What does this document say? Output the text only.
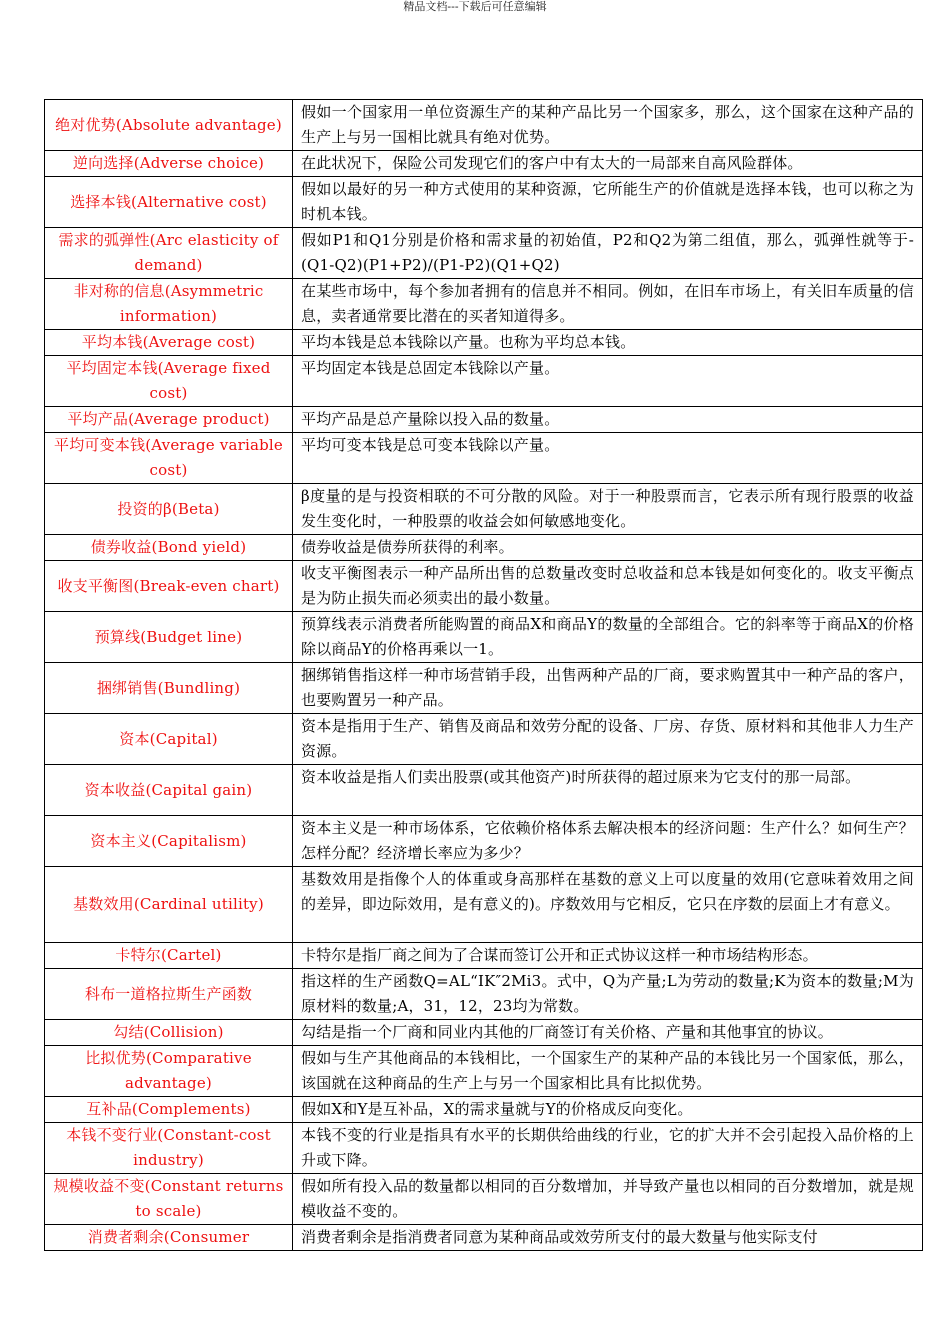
精品文档---下载后可任意编辑
绝对优势(Absolute advantage)	假如一个国家用一单位资源生产的某种产品比另一个国家多，那么，这个国家在这种产品的生产上与另一国相比就具有绝对优势。
逆向选择(Adverse choice)	在此状况下，保险公司发现它们的客户中有太大的一局部来自高风险群体。
选择本钱(Alternative cost)	假如以最好的另一种方式使用的某种资源，它所能生产的价值就是选择本钱，也可以称之为时机本钱。
需求的弧弹性(Arc elasticity of demand)	假如P1和Q1分别是价格和需求量的初始值，P2和Q2为第二组值，那么，弧弹性就等于-(Q1-Q2)(P1+P2)/(P1-P2)(Q1+Q2)
非对称的信息(Asymmetric information)	在某些市场中，每个参加者拥有的信息并不相同。例如，在旧车市场上，有关旧车质量的信息，卖者通常要比潜在的买者知道得多。
平均本钱(Average cost)	平均本钱是总本钱除以产量。也称为平均总本钱。
平均固定本钱(Average fixed cost)	平均固定本钱是总固定本钱除以产量。
平均产品(Average product)	平均产品是总产量除以投入品的数量。
平均可变本钱(Average variable cost)	平均可变本钱是总可变本钱除以产量。
投资的β(Beta)	β度量的是与投资相联的不可分散的风险。对于一种股票而言，它表示所有现行股票的收益发生变化时，一种股票的收益会如何敏感地变化。
债券收益(Bond yield)	债券收益是债券所获得的利率。
收支平衡图(Break-even chart)	收支平衡图表示一种产品所出售的总数量改变时总收益和总本钱是如何变化的。收支平衡点是为防止损失而必须卖出的最小数量。
预算线(Budget line)	预算线表示消费者所能购置的商品X和商品Y的数量的全部组合。它的斜率等于商品X的价格除以商品Y的价格再乘以一1。
捆绑销售(Bundling)	捆绑销售指这样一种市场营销手段，出售两种产品的厂商，要求购置其中一种产品的客户，也要购置另一种产品。
资本(Capital)	资本是指用于生产、销售及商品和效劳分配的设备、厂房、存货、原材料和其他非人力生产资源。
资本收益(Capital gain)	资本收益是指人们卖出股票(或其他资产)时所获得的超过原来为它支付的那一局部。
资本主义(Capitalism)	资本主义是一种市场体系，它依赖价格体系去解决根本的经济问题：生产什么？如何生产？怎样分配？经济增长率应为多少？
基数效用(Cardinal utility)	基数效用是指像个人的体重或身高那样在基数的意义上可以度量的效用(它意味着效用之间的差异，即边际效用，是有意义的)。序数效用与它相反，它只在序数的层面上才有意义。
卡特尔(Cartel)	卡特尔是指厂商之间为了合谋而签订公开和正式协议这样一种市场结构形态。
科布一道格拉斯生产函数	指这样的生产函数Q=AL“IK″2Mi3。式中，Q为产量;L为劳动的数量;K为资本的数量;M为原材料的数量;A，31，12，23均为常数。
勾结(Collision)	勾结是指一个厂商和同业内其他的厂商签订有关价格、产量和其他事宜的协议。
比拟优势(Comparative advantage)	假如与生产其他商品的本钱相比，一个国家生产的某种产品的本钱比另一个国家低，那么，该国就在这种商品的生产上与另一个国家相比具有比拟优势。
互补品(Complements)	假如X和Y是互补品，X的需求量就与Y的价格成反向变化。
本钱不变行业(Constant-cost industry)	本钱不变的行业是指具有水平的长期供给曲线的行业，它的扩大并不会引起投入品价格的上升或下降。
规模收益不变(Constant returns to scale)	假如所有投入品的数量都以相同的百分数增加，并导致产量也以相同的百分数增加，就是规模收益不变的。
消费者剩余(Consumer	消费者剩余是指消费者同意为某种商品或效劳所支付的最大数量与他实际支付
